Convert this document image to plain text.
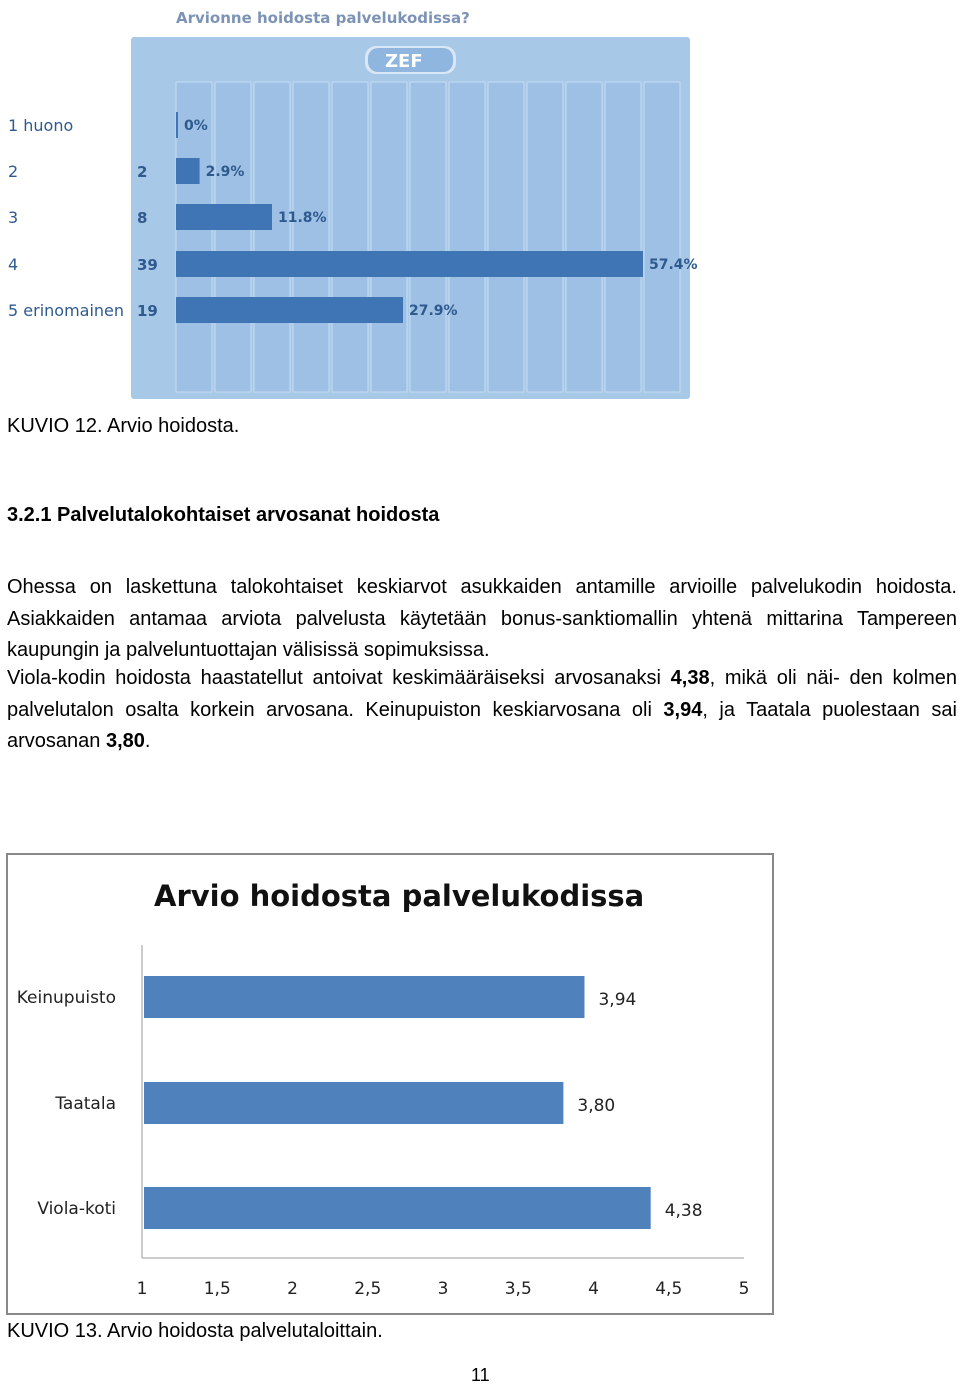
Arvionne hoidosta palvelukodissa?
ZEF
1 huono	0%
2	2	2.9%
3	8	11.8%
4	39	57.4%
5 erinomainen 19	27.9%
KUVIO 12. Arvio hoidosta.
3.2.1 Palvelutalokohtaiset arvosanat hoidosta
Ohessa on laskettuna talokohtaiset keskiarvot asukkaiden antamille arvioille palvelukodin hoidosta. Asiakkaiden antamaa arviota palvelusta käytetään bonus-sanktiomallin yhtenä mittarina Tampereen kaupungin ja palveluntuottajan välisissä sopimuksissa.
Viola-kodin hoidosta haastatellut antoivat keskimääräiseksi arvosanaksi 4,38, mikä oli näi- den kolmen palvelutalon osalta korkein arvosana. Keinupuiston keskiarvosana oli 3,94, ja Taatala puolestaan sai arvosanan 3,80.
Arvio hoidosta palvelukodissa
Keinupuisto	3,94
Taatala	3,80
Viola-koti	4,38
1	1,5	2	2,5	3	3,5	4	4,5	5
KUVIO 13. Arvio hoidosta palvelutaloittain.
11
